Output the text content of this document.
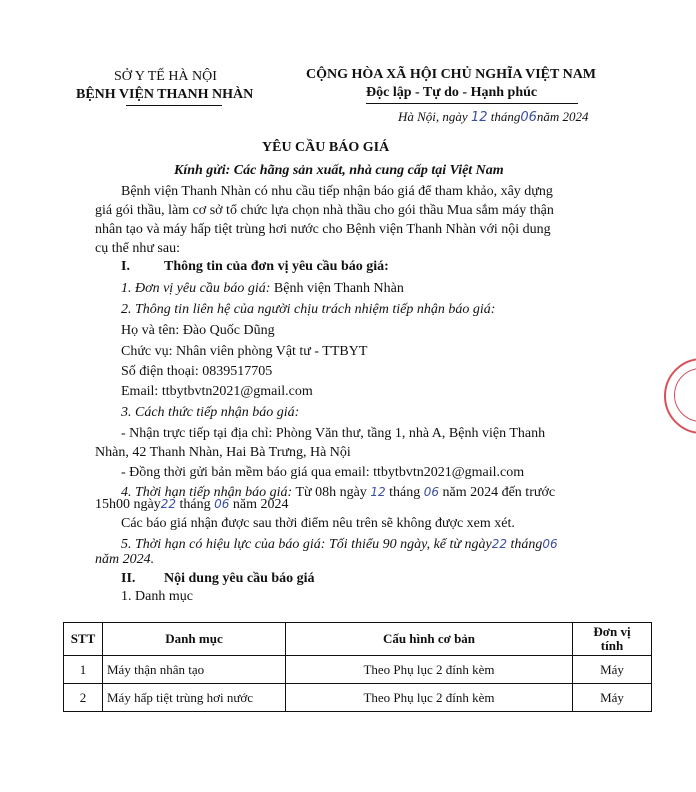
SỞ Y TẾ HÀ NỘI
BỆNH VIỆN THANH NHÀN
CỘNG HÒA XÃ HỘI CHỦ NGHĨA VIỆT NAM
Độc lập - Tự do - Hạnh phúc
Hà Nội, ngày 12 tháng06năm 2024
YÊU CẦU BÁO GIÁ
Kính gửi: Các hãng sản xuất, nhà cung cấp tại Việt Nam
Bệnh viện Thanh Nhàn có nhu cầu tiếp nhận báo giá để tham khảo, xây dựng
giá gói thầu, làm cơ sở tổ chức lựa chọn nhà thầu cho gói thầu Mua sắm máy thận
nhân tạo và máy hấp tiệt trùng hơi nước cho Bệnh viện Thanh Nhàn với nội dung
cụ thể như sau:
I. Thông tin của đơn vị yêu cầu báo giá:
1. Đơn vị yêu cầu báo giá: Bệnh viện Thanh Nhàn
2. Thông tin liên hệ của người chịu trách nhiệm tiếp nhận báo giá:
Họ và tên: Đào Quốc Dũng
Chức vụ: Nhân viên phòng Vật tư - TTBYT
Số điện thoại: 0839517705
Email: ttbytbvtn2021@gmail.com
3. Cách thức tiếp nhận báo giá:
- Nhận trực tiếp tại địa chỉ: Phòng Văn thư, tầng 1, nhà A, Bệnh viện Thanh
Nhàn, 42 Thanh Nhàn, Hai Bà Trưng, Hà Nội
- Đồng thời gửi bản mềm báo giá qua email: ttbytbvtn2021@gmail.com
4. Thời hạn tiếp nhận báo giá: Từ 08h ngày 12 tháng 06 năm 2024 đến trước
15h00 ngày22 tháng 06 năm 2024
Các báo giá nhận được sau thời điểm nêu trên sẽ không được xem xét.
5. Thời hạn có hiệu lực của báo giá: Tối thiểu 90 ngày, kể từ ngày22 tháng06
năm 2024.
II. Nội dung yêu cầu báo giá
1. Danh mục
STT	Danh mục	Cấu hình cơ bản	Đơn vị
tính
1	Máy thận nhân tạo	Theo Phụ lục 2 đính kèm	Máy
2	Máy hấp tiệt trùng hơi nước	Theo Phụ lục 2 đính kèm	Máy
